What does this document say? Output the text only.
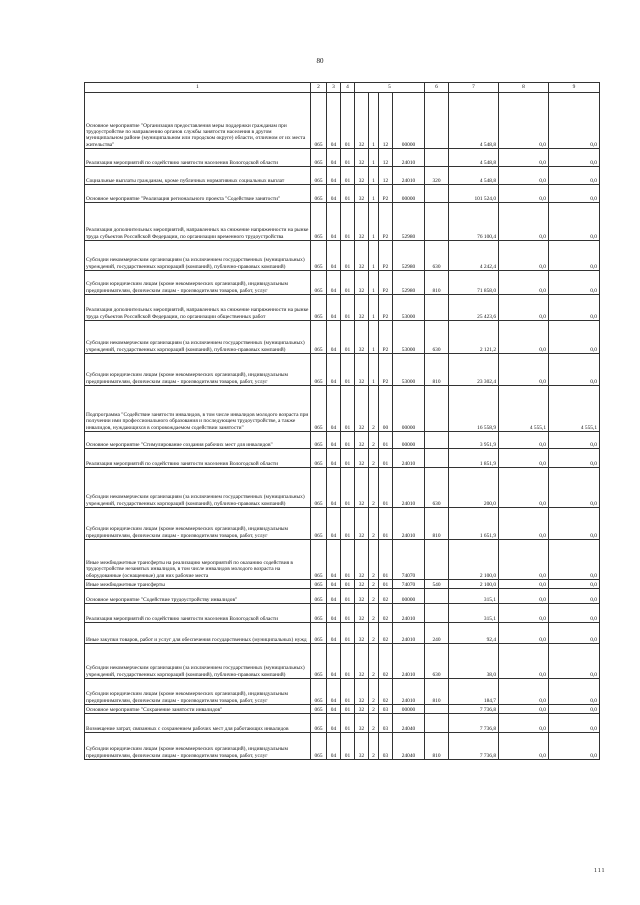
80
1	2	3	4	5				6	7	8	9
Основное мероприятие "Организация предоставления меры поддержки гражданам при трудоустройстве по направлению органов службы занятости населения в другом муниципальном районе (муниципальном или городском округе) области, отличном от их места жительства"	065	04	01	32	1	12	00000		4 548,8	0,0	0,0
Реализация мероприятий по содействию занятости населения Вологодской области	065	04	01	32	1	12	24010		4 548,8	0,0	0,0
Социальные выплаты гражданам, кроме публичных нормативных социальных выплат	065	04	01	32	1	12	24010	320	4 548,8	0,0	0,0
Основное мероприятие "Реализация регионального проекта "Содействие занятости"	065	04	01	32	1	P2	00000		101 524,0	0,0	0,0
Реализация дополнительных мероприятий, направленных на снижение напряженности на рынке труда субъектов Российской Федерации, по организации временного трудоустройства	065	04	01	32	1	P2	52980		76 100,4	0,0	0,0
Субсидии некоммерческим организациям (за исключением государственных (муниципальных) учреждений, государственных корпораций (компаний), публично-правовых компаний)	065	04	01	32	1	P2	52980	630	4 242,4	0,0	0,0
Субсидии юридическим лицам (кроме некоммерческих организаций), индивидуальным предпринимателям, физическим лицам - производителям товаров, работ, услуг	065	04	01	32	1	P2	52980	810	71 858,0	0,0	0,0
Реализация дополнительных мероприятий, направленных на снижение напряженности на рынке труда субъектов Российской Федерации, по организации общественных работ	065	04	01	32	1	P2	53000		25 423,6	0,0	0,0
Субсидии некоммерческим организациям (за исключением государственных (муниципальных) учреждений, государственных корпораций (компаний), публично-правовых компаний)	065	04	01	32	1	P2	53000	630	2 121,2	0,0	0,0
Субсидии юридическим лицам (кроме некоммерческих организаций), индивидуальным предпринимателям, физическим лицам - производителям товаров, работ, услуг	065	04	01	32	1	P2	53000	810	23 302,4	0,0	0,0
Подпрограмма "Содействие занятости инвалидов, в том числе инвалидов молодого возраста при получении ими профессионального образования и последующем трудоустройстве, а также инвалидов, нуждающихся в сопровождаемом содействии занятости"	065	04	01	32	2	00	00000		16 558,9	4 555,1	4 555,1
Основное мероприятие "Стимулирование создания рабочих мест для инвалидов"	065	04	01	32	2	01	00000		3 951,9	0,0	0,0
Реализация мероприятий по содействию занятости населения Вологодской области	065	04	01	32	2	01	24010		1 851,9	0,0	0,0
Субсидии некоммерческим организациям (за исключением государственных (муниципальных) учреждений, государственных корпораций (компаний), публично-правовых компаний)	065	04	01	32	2	01	24010	630	200,0	0,0	0,0
Субсидии юридическим лицам (кроме некоммерческих организаций), индивидуальным предпринимателям, физическим лицам - производителям товаров, работ, услуг	065	04	01	32	2	01	24010	810	1 651,9	0,0	0,0
Иные межбюджетные трансферты на реализацию мероприятий по оказанию содействия в трудоустройстве незанятых инвалидов, в том числе инвалидов молодого возраста на оборудованные (оснащенные) для них рабочие места	065	04	01	32	2	01	74070		2 100,0	0,0	0,0
Иные межбюджетные трансферты	065	04	01	32	2	01	74070	540	2 100,0	0,0	0,0
Основное мероприятие "Содействие трудоустройству инвалидов"	065	04	01	32	2	02	00000		315,1	0,0	0,0
Реализация мероприятий по содействию занятости населения Вологодской области	065	04	01	32	2	02	24010		315,1	0,0	0,0
Иные закупки товаров, работ и услуг для обеспечения государственных (муниципальных) нужд	065	04	01	32	2	02	24010	240	92,4	0,0	0,0
Субсидии некоммерческим организациям (за исключением государственных (муниципальных) учреждений, государственных корпораций (компаний), публично-правовых компаний)	065	04	01	32	2	02	24010	630	38,0	0,0	0,0
Субсидии юридическим лицам (кроме некоммерческих организаций), индивидуальным предпринимателям, физическим лицам - производителям товаров, работ, услуг	065	04	01	32	2	02	24010	810	184,7	0,0	0,0
Основное мероприятие "Сохранение занятости инвалидов"	065	04	01	32	2	03	00000		7 736,8	0,0	0,0
Возмещение затрат, связанных с сохранением рабочих мест для работающих инвалидов	065	04	01	32	2	03	24040		7 736,8	0,0	0,0
Субсидии юридическим лицам (кроме некоммерческих организаций), индивидуальным предпринимателям, физическим лицам - производителям товаров, работ, услуг	065	04	01	32	2	03	24040	810	7 736,8	0,0	0,0
111
